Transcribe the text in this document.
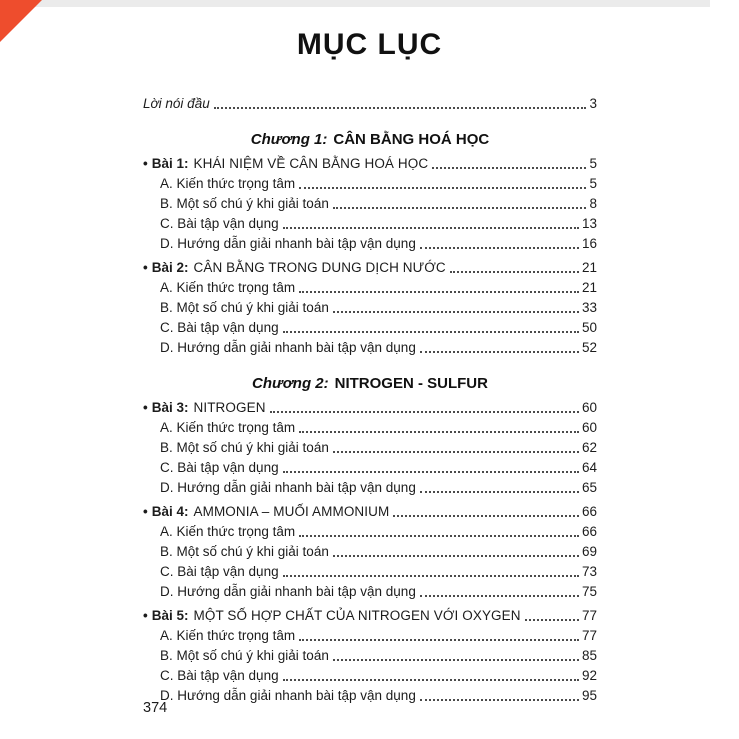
MỤC LỤC
Lời nói đầu	3
Chương 1: CÂN BẰNG HOÁ HỌC
• Bài 1: KHÁI NIỆM VỀ CÂN BẰNG HOÁ HỌC	5
A. Kiến thức trọng tâm	5
B. Một số chú ý khi giải toán	8
C. Bài tập vận dụng	13
D. Hướng dẫn giải nhanh bài tập vận dụng	16
• Bài 2: CÂN BẰNG TRONG DUNG DỊCH NƯỚC	21
A. Kiến thức trọng tâm	21
B. Một số chú ý khi giải toán	33
C. Bài tập vận dụng	50
D. Hướng dẫn giải nhanh bài tập vận dụng	52
Chương 2: NITROGEN - SULFUR
• Bài 3: NITROGEN	60
A. Kiến thức trọng tâm	60
B. Một số chú ý khi giải toán	62
C. Bài tập vận dụng	64
D. Hướng dẫn giải nhanh bài tập vận dụng	65
• Bài 4: AMMONIA – MUỐI AMMONIUM	66
A. Kiến thức trọng tâm	66
B. Một số chú ý khi giải toán	69
C. Bài tập vận dụng	73
D. Hướng dẫn giải nhanh bài tập vận dụng	75
• Bài 5: MỘT SỐ HỢP CHẤT CỦA NITROGEN VỚI OXYGEN	77
A. Kiến thức trọng tâm	77
B. Một số chú ý khi giải toán	85
C. Bài tập vận dụng	92
D. Hướng dẫn giải nhanh bài tập vận dụng	95
374
